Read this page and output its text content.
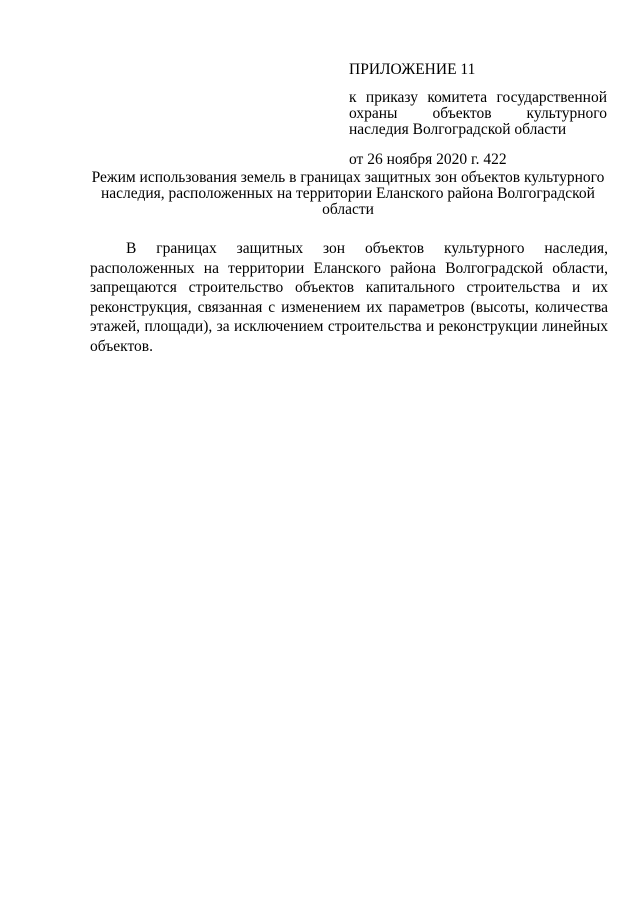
ПРИЛОЖЕНИЕ 11

к приказу комитета государственной охраны объектов культурного наследия Волгоградской области

от 26 ноября 2020 г. 422

Режим использования земель в границах защитных зон объектов культурного наследия, расположенных на территории Еланского района Волгоградской области

В границах защитных зон объектов культурного наследия, расположенных на территории Еланского района Волгоградской области, запрещаются строительство объектов капитального строительства и их реконструкция, связанная с изменением их параметров (высоты, количества этажей, площади), за исключением строительства и реконструкции линейных объектов.
